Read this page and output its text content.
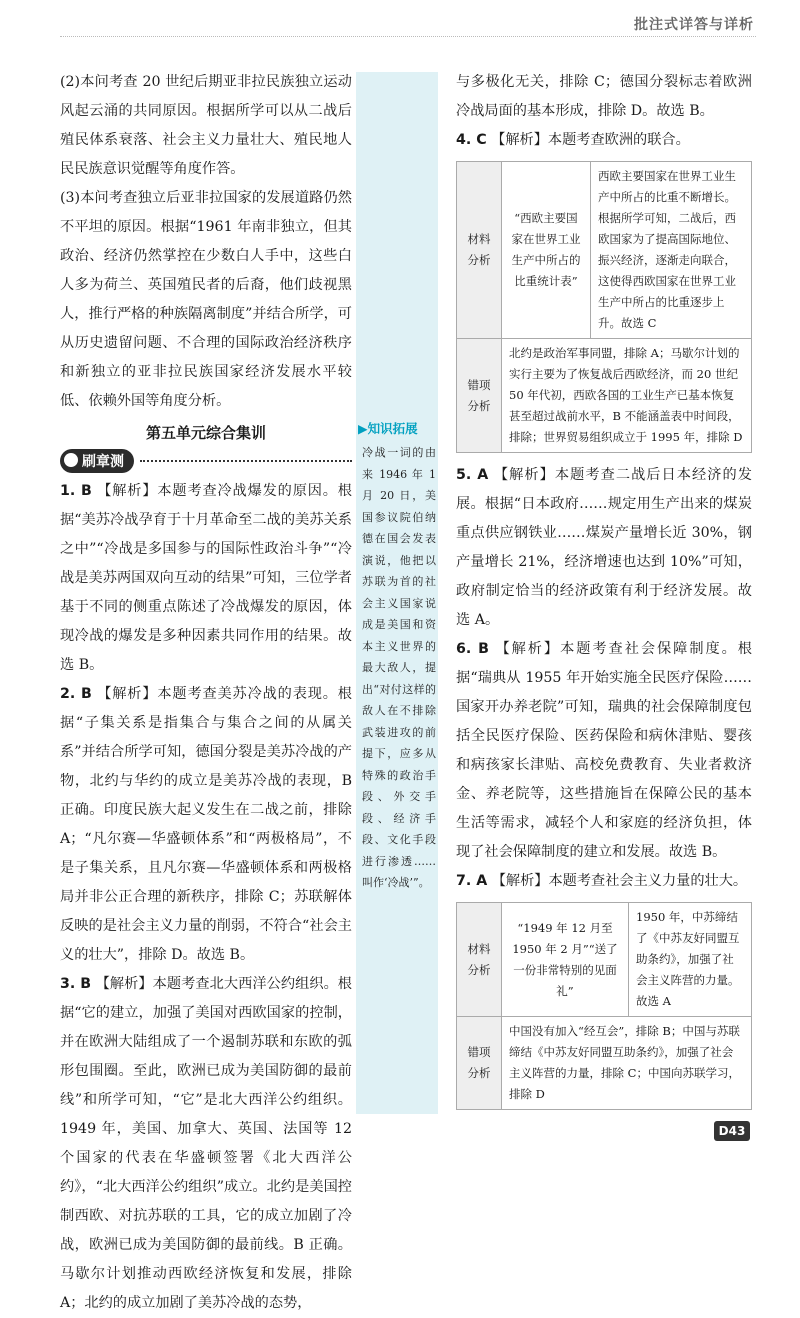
批注式详答与详析

(2)本问考查 20 世纪后期亚非拉民族独立运动风起云涌的共同原因。根据所学可以从二战后殖民体系衰落、社会主义力量壮大、殖民地人民民族意识觉醒等角度作答。

(3)本问考查独立后亚非拉国家的发展道路仍然不平坦的原因。根据“1961 年南非独立，但其政治、经济仍然掌控在少数白人手中，这些白人多为荷兰、英国殖民者的后裔，他们歧视黑人，推行严格的种族隔离制度”并结合所学，可从历史遗留问题、不合理的国际政治经济秩序和新独立的亚非拉民族国家经济发展水平较低、依赖外国等角度分析。

第五单元综合集训
刷章测

1. B 【解析】本题考查冷战爆发的原因。根据“美苏冷战孕育于十月革命至二战的美苏关系之中”“冷战是多国参与的国际性政治斗争”“冷战是美苏两国双向互动的结果”可知，三位学者基于不同的侧重点陈述了冷战爆发的原因，体现冷战的爆发是多种因素共同作用的结果。故选 B。

2. B 【解析】本题考查美苏冷战的表现。根据“子集关系是指集合与集合之间的从属关系”并结合所学可知，德国分裂是美苏冷战的产物，北约与华约的成立是美苏冷战的表现，B 正确。印度民族大起义发生在二战之前，排除 A；“凡尔赛—华盛顿体系”和“两极格局”，不是子集关系，且凡尔赛—华盛顿体系和两极格局并非公正合理的新秩序，排除 C；苏联解体反映的是社会主义力量的削弱，不符合“社会主义的壮大”，排除 D。故选 B。

3. B 【解析】本题考查北大西洋公约组织。根据“它的建立，加强了美国对西欧国家的控制，并在欧洲大陆组成了一个遏制苏联和东欧的弧形包围圈。至此，欧洲已成为美国防御的最前线”和所学可知，“它”是北大西洋公约组织。1949 年，美国、加拿大、英国、法国等 12 个国家的代表在华盛顿签署《北大西洋公约》，“北大西洋公约组织”成立。北约是美国控制西欧、对抗苏联的工具，它的成立加剧了冷战，欧洲已成为美国防御的最前线。B 正确。马歇尔计划推动西欧经济恢复和发展，排除 A；北约的成立加剧了美苏冷战的态势，

▶知识拓展
冷战一词的由来 1946 年 1 月 20 日，美国参议院伯纳德在国会发表演说，他把以苏联为首的社会主义国家说成是美国和资本主义世界的最大敌人，提出“对付这样的敌人在不排除武装进攻的前提下，应多从特殊的政治手段、外交手段、经济手段、文化手段进行渗透……叫作‘冷战’”。

与多极化无关，排除 C；德国分裂标志着欧洲冷战局面的基本形成，排除 D。故选 B。

4. C 【解析】本题考查欧洲的联合。

材料分析	“西欧主要国家在世界工业生产中所占的比重统计表”	西欧主要国家在世界工业生产中所占的比重不断增长。根据所学可知，二战后，西欧国家为了提高国际地位、振兴经济，逐渐走向联合，这使得西欧国家在世界工业生产中所占的比重逐步上升。故选 C
错项分析	北约是政治军事同盟，排除 A；马歇尔计划的实行主要为了恢复战后西欧经济，而 20 世纪 50 年代初，西欧各国的工业生产已基本恢复甚至超过战前水平，B 不能涵盖表中时间段，排除；世界贸易组织成立于 1995 年，排除 D	

5. A 【解析】本题考查二战后日本经济的发展。根据“日本政府……规定用生产出来的煤炭重点供应钢铁业……煤炭产量增长近 30%，钢产量增长 21%，经济增速也达到 10%”可知，政府制定恰当的经济政策有利于经济发展。故选 A。

6. B 【解析】本题考查社会保障制度。根据“瑞典从 1955 年开始实施全民医疗保险……国家开办养老院”可知，瑞典的社会保障制度包括全民医疗保险、医药保险和病休津贴、婴孩和病孩家长津贴、高校免费教育、失业者救济金、养老院等，这些措施旨在保障公民的基本生活等需求，减轻个人和家庭的经济负担，体现了社会保障制度的建立和发展。故选 B。

7. A 【解析】本题考查社会主义力量的壮大。

材料分析	“1949 年 12 月至 1950 年 2 月”“送了一份非常特别的见面礼”	1950 年，中苏缔结了《中苏友好同盟互助条约》，加强了社会主义阵营的力量。故选 A
错项分析	中国没有加入“经互会”，排除 B；中国与苏联缔结《中苏友好同盟互助条约》，加强了社会主义阵营的力量，排除 C；中国向苏联学习，排除 D	
D43
